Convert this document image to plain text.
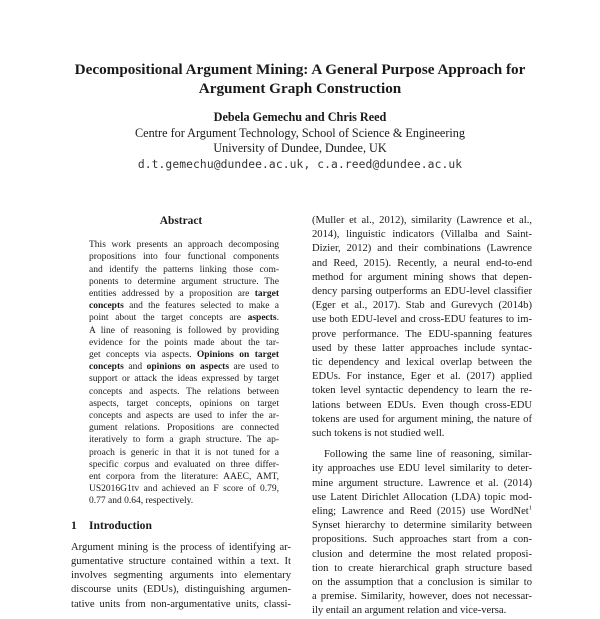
Decompositional Argument Mining: A General Purpose Approach for
Argument Graph Construction
Debela Gemechu and Chris Reed
Centre for Argument Technology, School of Science & Engineering
University of Dundee, Dundee, UK
d.t.gemechu@dundee.ac.uk, c.a.reed@dundee.ac.uk
Abstract
This work presents an approach decomposing
propositions into four functional components
and identify the patterns linking those com-
ponents to determine argument structure. The
entities addressed by a proposition are target
concepts and the features selected to make a
point about the target concepts are aspects.
A line of reasoning is followed by providing
evidence for the points made about the tar-
get concepts via aspects. Opinions on target
concepts and opinions on aspects are used to
support or attack the ideas expressed by target
concepts and aspects. The relations between
aspects, target concepts, opinions on target
concepts and aspects are used to infer the ar-
gument relations. Propositions are connected
iteratively to form a graph structure. The ap-
proach is generic in that it is not tuned for a
specific corpus and evaluated on three differ-
ent corpora from the literature: AAEC, AMT,
US2016G1tv and achieved an F score of 0.79,
0.77 and 0.64, respectively.
1 Introduction
Argument mining is the process of identifying ar-
gumentative structure contained within a text. It
involves segmenting arguments into elementary
discourse units (EDUs), distinguishing argumen-
tative units from non-argumentative units, classi-
(Muller et al., 2012), similarity (Lawrence et al.,
2014), linguistic indicators (Villalba and Saint-
Dizier, 2012) and their combinations (Lawrence
and Reed, 2015). Recently, a neural end-to-end
method for argument mining shows that depen-
dency parsing outperforms an EDU-level classifier
(Eger et al., 2017). Stab and Gurevych (2014b)
use both EDU-level and cross-EDU features to im-
prove performance. The EDU-spanning features
used by these latter approaches include syntac-
tic dependency and lexical overlap between the
EDUs. For instance, Eger et al. (2017) applied
token level syntactic dependency to learn the re-
lations between EDUs. Even though cross-EDU
tokens are used for argument mining, the nature of
such tokens is not studied well.
Following the same line of reasoning, similar-
ity approaches use EDU level similarity to deter-
mine argument structure. Lawrence et al. (2014)
use Latent Dirichlet Allocation (LDA) topic mod-
eling; Lawrence and Reed (2015) use WordNet$^1$
Synset hierarchy to determine similarity between
propositions. Such approaches start from a con-
clusion and determine the most related proposi-
tion to create hierarchical graph structure based
on the assumption that a conclusion is similar to
a premise. Similarity, however, does not necessar-
ily entail an argument relation and vice-versa.
